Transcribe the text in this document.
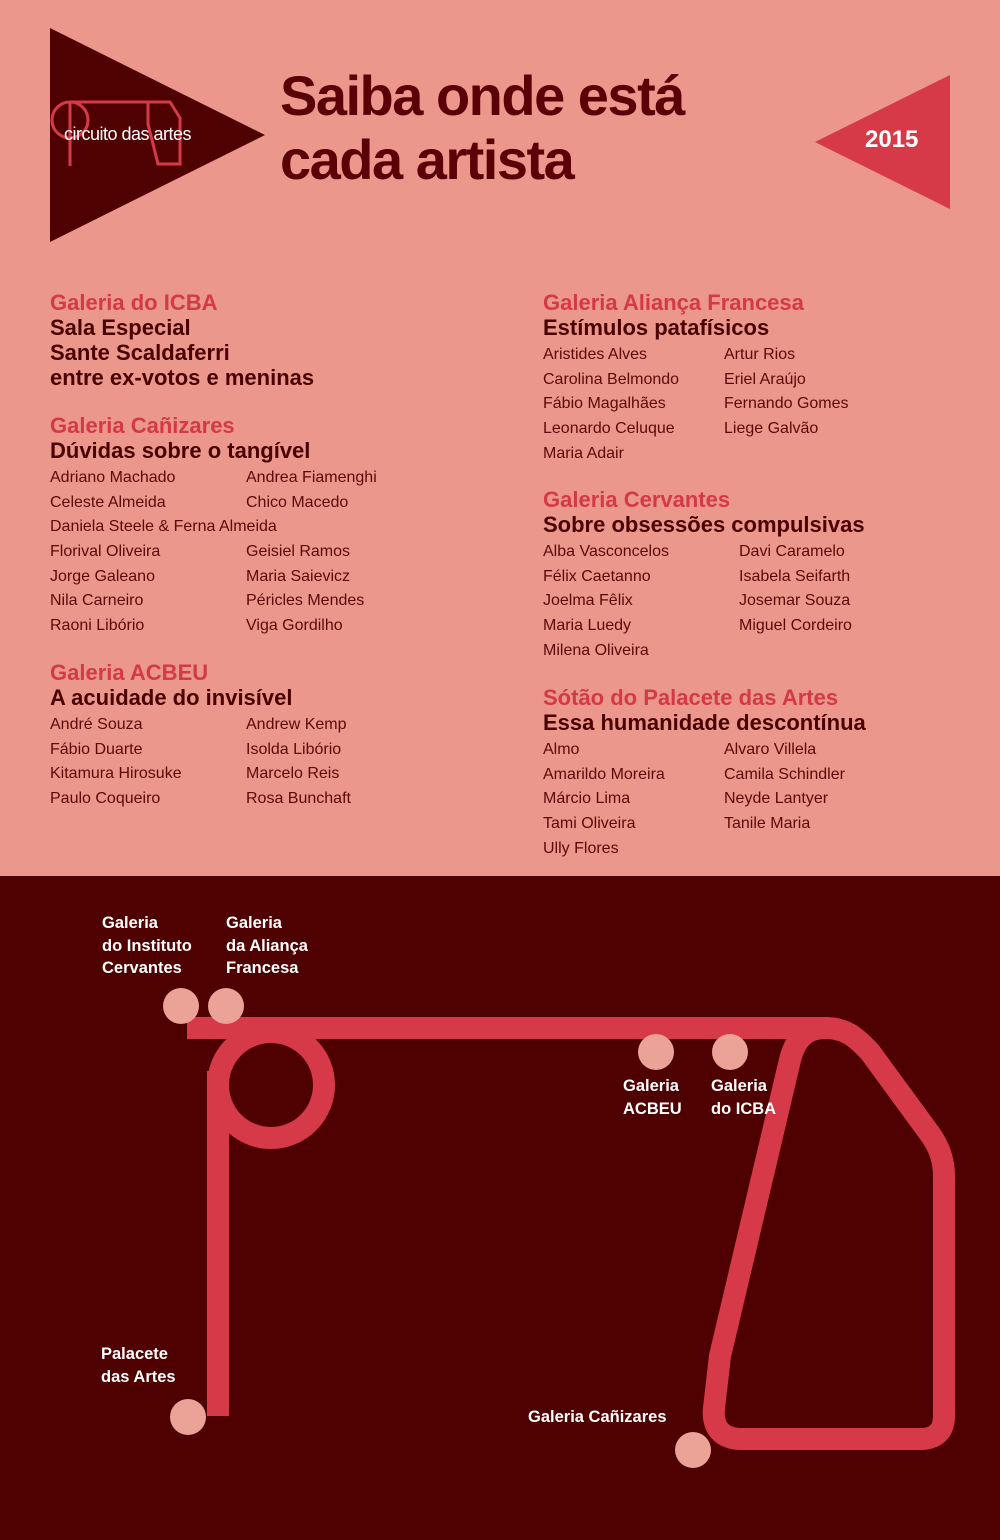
circuito das artes
Saiba onde está
cada artista	2015

Galeria do ICBA

Sala Especial
Sante Scaldaferri
entre ex-votos e meninas

Galeria Cañizares

Dúvidas sobre o tangível

Adriano Machado	Andrea Fiamenghi
Celeste Almeida	Chico Macedo
Daniela Steele & Ferna Almeida
Florival Oliveira	Geisiel Ramos
Jorge Galeano	Maria Saievicz
Nila Carneiro	Péricles Mendes
Raoni Libório	Viga Gordilho

Galeria ACBEU

A acuidade do invisível

André Souza	Andrew Kemp
Fábio Duarte	Isolda Libório
Kitamura Hirosuke	Marcelo Reis
Paulo Coqueiro	Rosa Bunchaft

Galeria Aliança Francesa

Estímulos patafísicos

Aristides Alves	Artur Rios
Carolina Belmondo	Eriel Araújo
Fábio Magalhães	Fernando Gomes
Leonardo Celuque	Liege Galvão
Maria Adair

Galeria Cervantes

Sobre obsessões compulsivas

Alba Vasconcelos	Davi Caramelo
Félix Caetanno	Isabela Seifarth
Joelma Fêlix	Josemar Souza
Maria Luedy	Miguel Cordeiro
Milena Oliveira

Sótão do Palacete das Artes

Essa humanidade descontínua

Almo	Alvaro Villela
Amarildo Moreira	Camila Schindler
Márcio Lima	Neyde Lantyer
Tami Oliveira	Tanile Maria
Ully Flores
Galeria
do Instituto
Cervantes
Galeria
da Aliança
Francesa
Galeria
ACBEU
Galeria
do ICBA
Palacete
das Artes
Galeria Cañizares
